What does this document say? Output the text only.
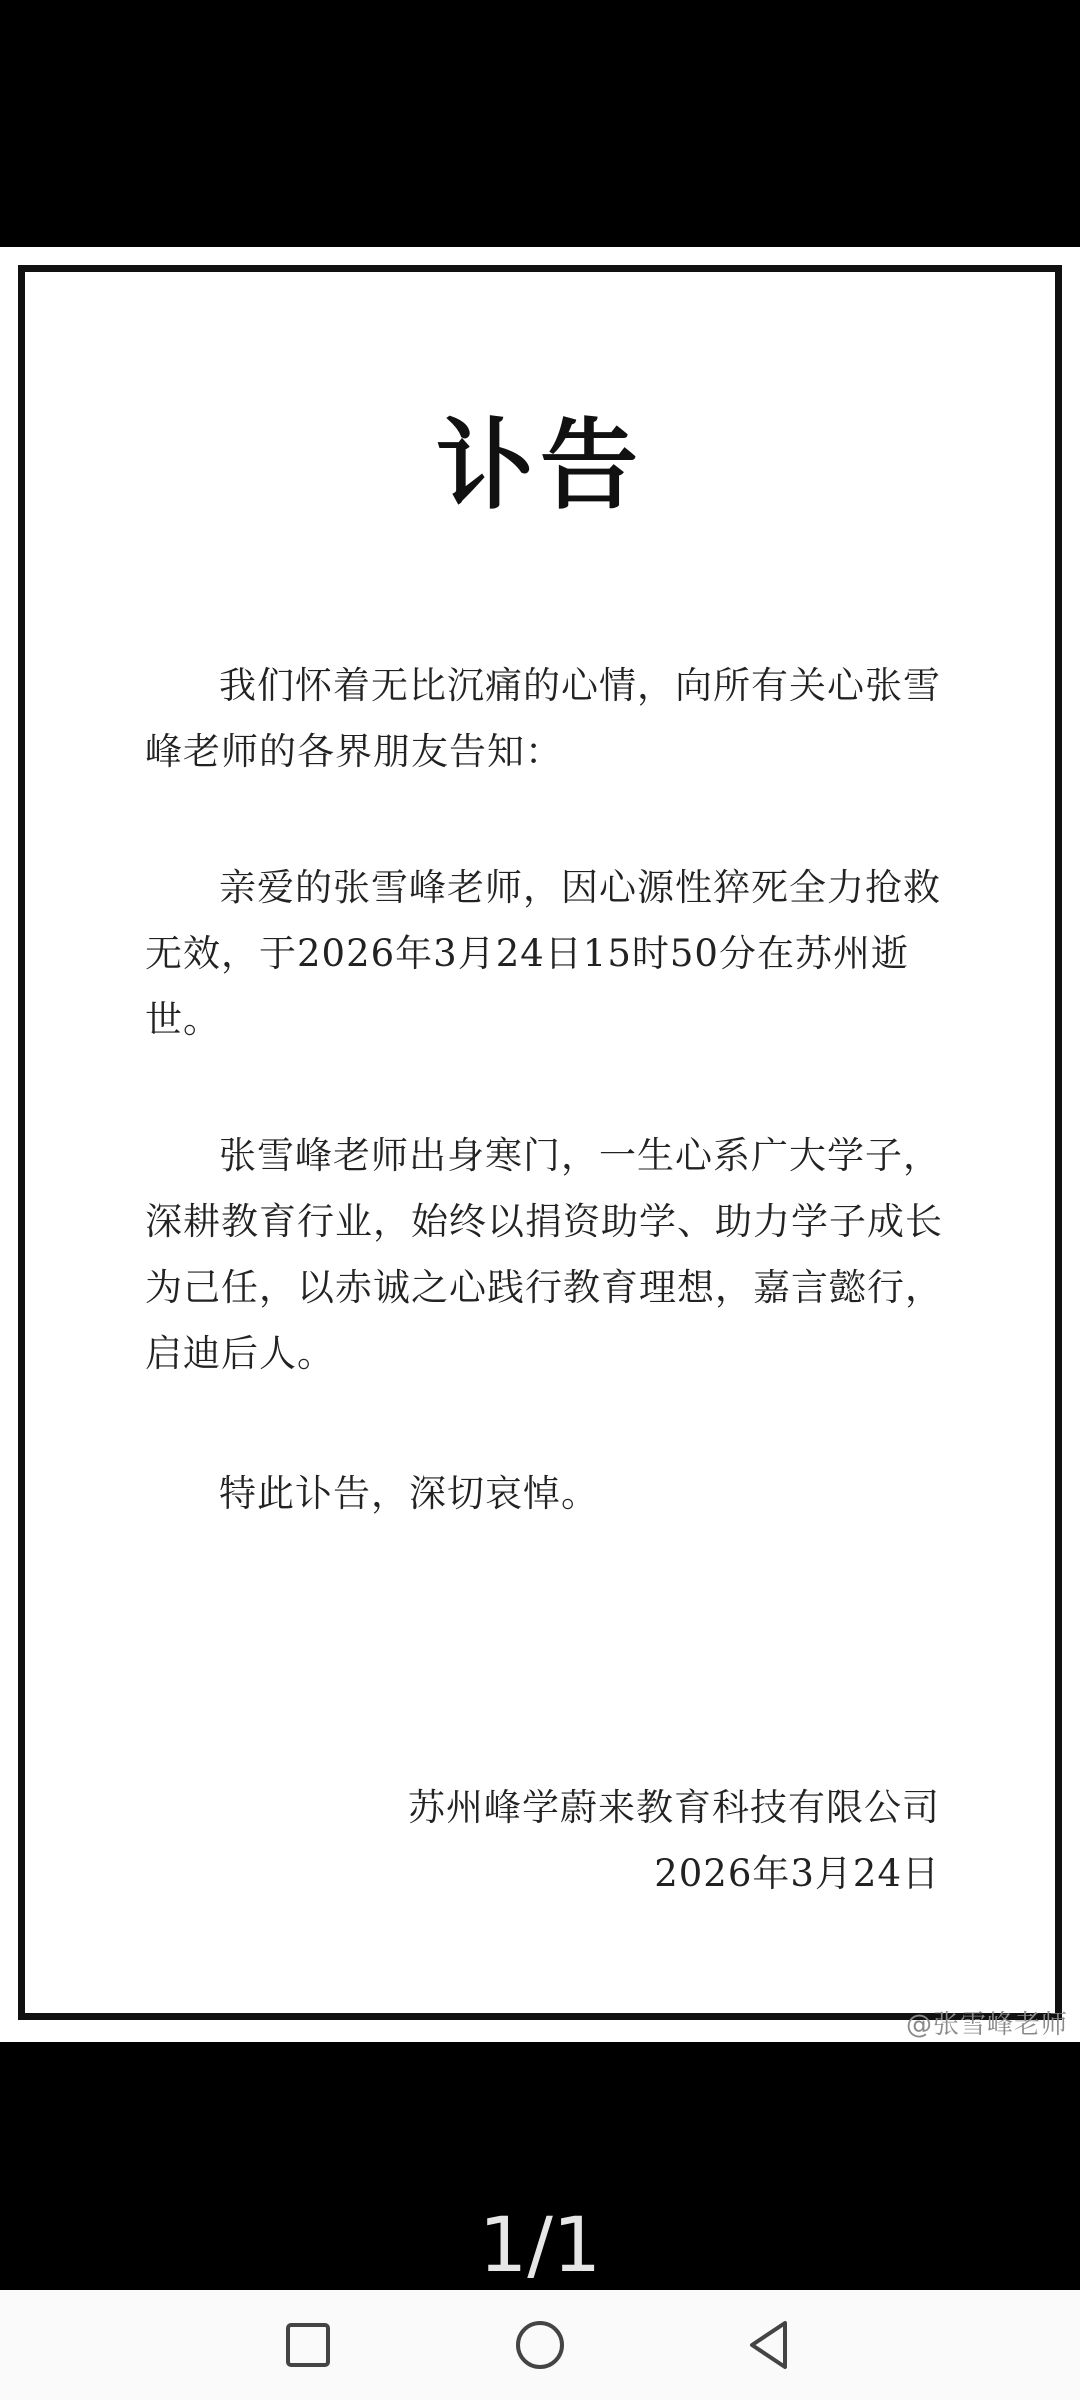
讣告
我们怀着无比沉痛的心情，向所有关心张雪峰老师的各界朋友告知：
亲爱的张雪峰老师，因心源性猝死全力抢救无效，于2026年3月24日15时50分在苏州逝世。
张雪峰老师出身寒门，一生心系广大学子，深耕教育行业，始终以捐资助学、助力学子成长为己任，以赤诚之心践行教育理想，嘉言懿行，启迪后人。
特此讣告，深切哀悼。
苏州峰学蔚来教育科技有限公司
2026年3月24日
@张雪峰老师
1/1
